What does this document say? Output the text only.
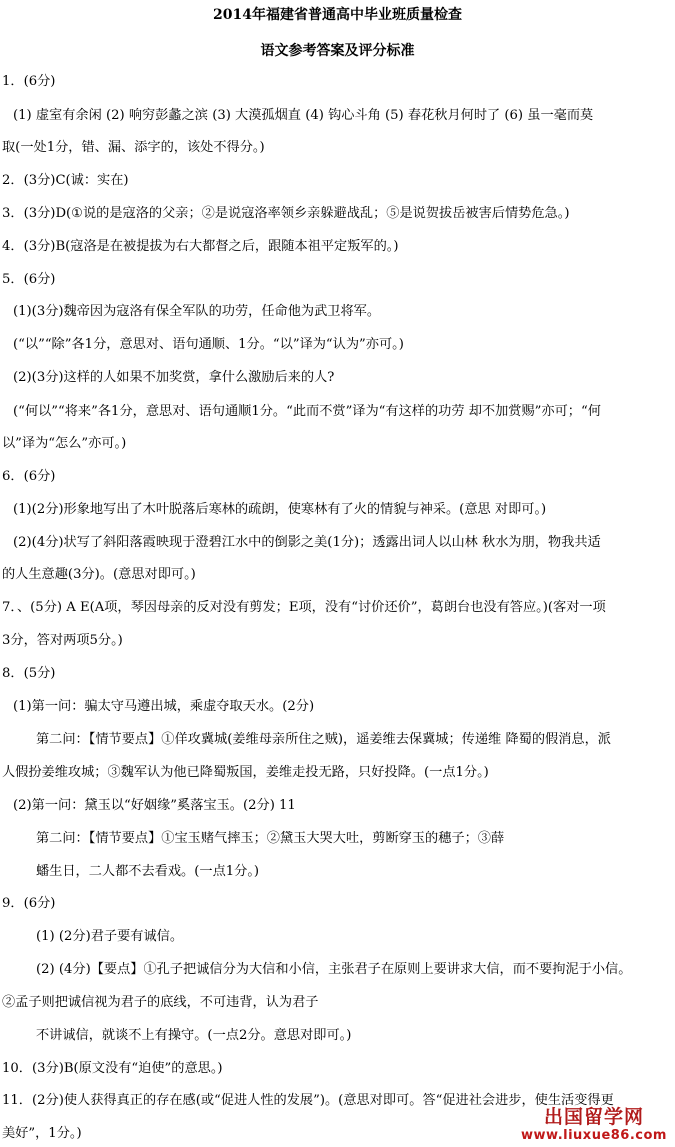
2014年福建省普通高中毕业班质量检查
语文参考答案及评分标准
1．(6分)
(1) 虚室有余闲 (2) 响穷彭蠡之滨 (3) 大漠孤烟直 (4) 钩心斗角 (5) 春花秋月何时了 (6) 虽一毫而莫
取(一处1分，错、漏、添字的，该处不得分。)
2．(3分)C(诚：实在)
3．(3分)D(①说的是寇洛的父亲；②是说寇洛率领乡亲躲避战乱；⑤是说贺拔岳被害后情势危急。)
4．(3分)B(寇洛是在被提拔为右大都督之后，跟随本祖平定叛军的。)
5．(6分)
(1)(3分)魏帝因为寇洛有保全军队的功劳，任命他为武卫将军。
(“以”“除”各1分，意思对、语句通顺、1分。“以”译为“认为”亦可。)
(2)(3分)这样的人如果不加奖赏，拿什么激励后来的人?
(“何以”“将来”各1分，意思对、语句通顺1分。“此而不赏”译为“有这样的功劳 却不加赏赐”亦可；“何
以”译为“怎么”亦可。)
6．(6分)
(1)(2分)形象地写出了木叶脱落后寒林的疏朗，使寒林有了火的情貌与神采。(意思 对即可。)
(2)(4分)状写了斜阳落霞映现于澄碧江水中的倒影之美(1分)；透露出词人以山林 秋水为朋，物我共适
的人生意趣(3分)。(意思对即可。)
7．、(5分) A E(A项，琴因母亲的反对没有剪发；E项，没有“讨价还价”，葛朗台也没有答应。)(客对一项
3分，答对两项5分。)
8．(5分)
(1)第一问：骗太守马遵出城，乘虚夺取天水。(2分)
第二问：【情节要点】①佯攻冀城(姜维母亲所住之贼)，遥姜维去保冀城；传递维 降蜀的假消息，派
人假扮姜维攻城；③魏军认为他已降蜀叛国，姜维走投无路，只好投降。(一点1分。)
(2)第一问：黛玉以“好姻缘”奚落宝玉。(2分) 11
第二问：【情节要点】①宝玉赌气摔玉；②黛玉大哭大吐，剪断穿玉的穗子；③薛
蟠生日，二人都不去看戏。(一点1分。)
9．(6分)
(1) (2分)君子要有诚信。
(2) (4分)【要点】①孔子把诚信分为大信和小信，主张君子在原则上要讲求大信，而不要拘泥于小信。
②孟子则把诚信视为君子的底线，不可违背，认为君子
不讲诚信，就谈不上有操守。(一点2分。意思对即可。)
10．(3分)B(原文没有“迫使”的意思。)
11．(2分)使人获得真正的存在感(或“促进人性的发展”)。(意思对即可。答“促进社会进步，使生活变得更
美好”，1分。)
出国留学网
www.liuxue86.com
